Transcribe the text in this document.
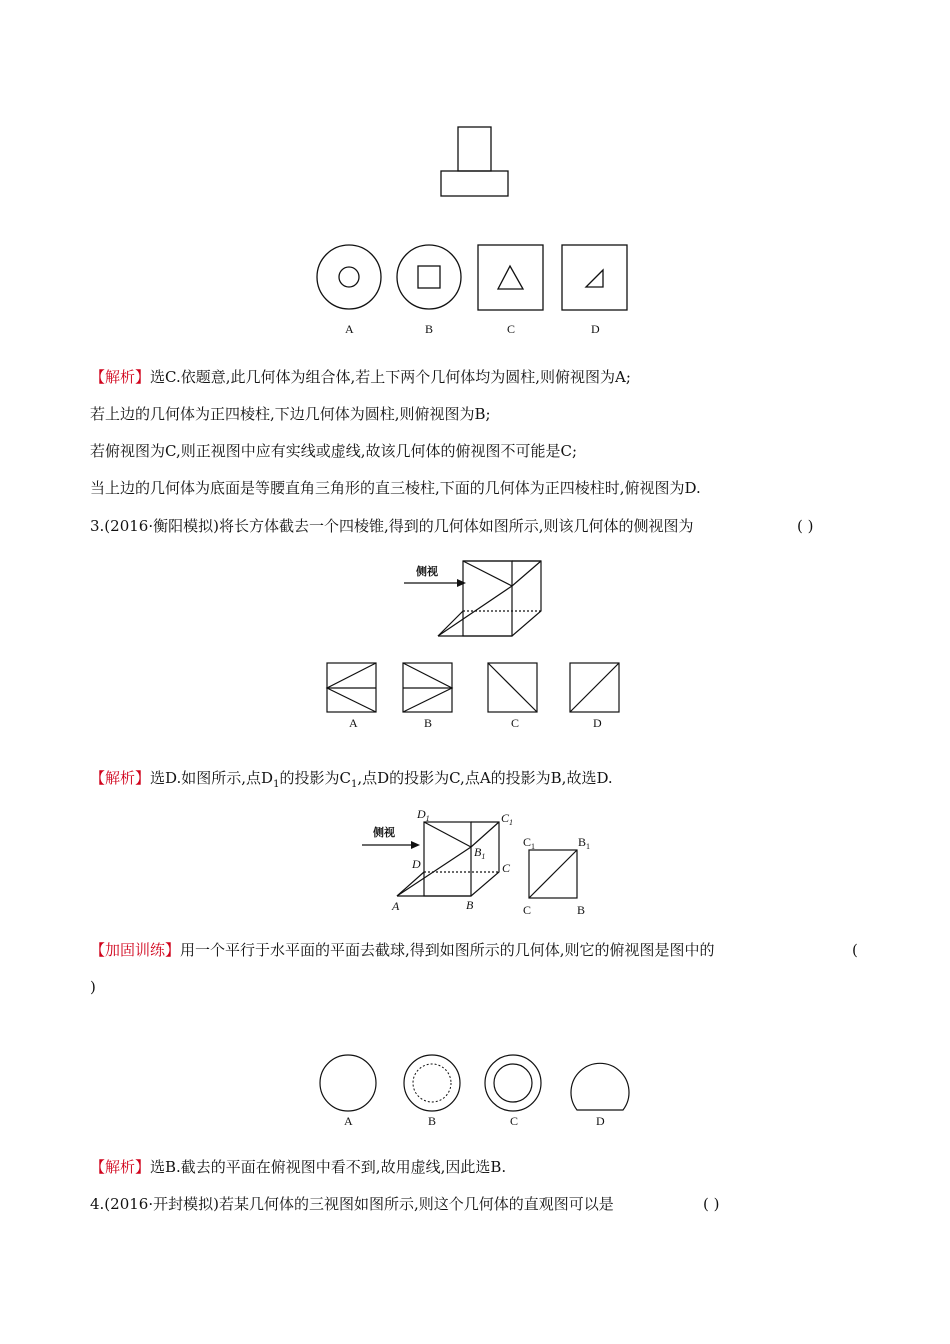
A	B	C	D
【解析】选C.依题意,此几何体为组合体,若上下两个几何体均为圆柱,则俯视图为A;
若上边的几何体为正四棱柱,下边几何体为圆柱,则俯视图为B;
若俯视图为C,则正视图中应有实线或虚线,故该几何体的俯视图不可能是C;
当上边的几何体为底面是等腰直角三角形的直三棱柱,下面的几何体为正四棱柱时,俯视图为D.
3.(2016·衡阳模拟)将长方体截去一个四棱锥,得到的几何体如图所示,则该几何体的侧视图为	( )
侧视
A	B	C	D
【解析】选D.如图所示,点$D_1$的投影为$C_1$,点D的投影为C,点A的投影为B,故选D.
侧视
$D_1$	$C_1$
D
$B_1$
C
A	B
$C_1$	$B_1$
C	B
【加固训练】用一个平行于水平面的平面去截球,得到如图所示的几何体,则它的俯视图是图中的	(
)
A	B	C	D
【解析】选B.截去的平面在俯视图中看不到,故用虚线,因此选B.
4.(2016·开封模拟)若某几何体的三视图如图所示,则这个几何体的直观图可以是	( )
